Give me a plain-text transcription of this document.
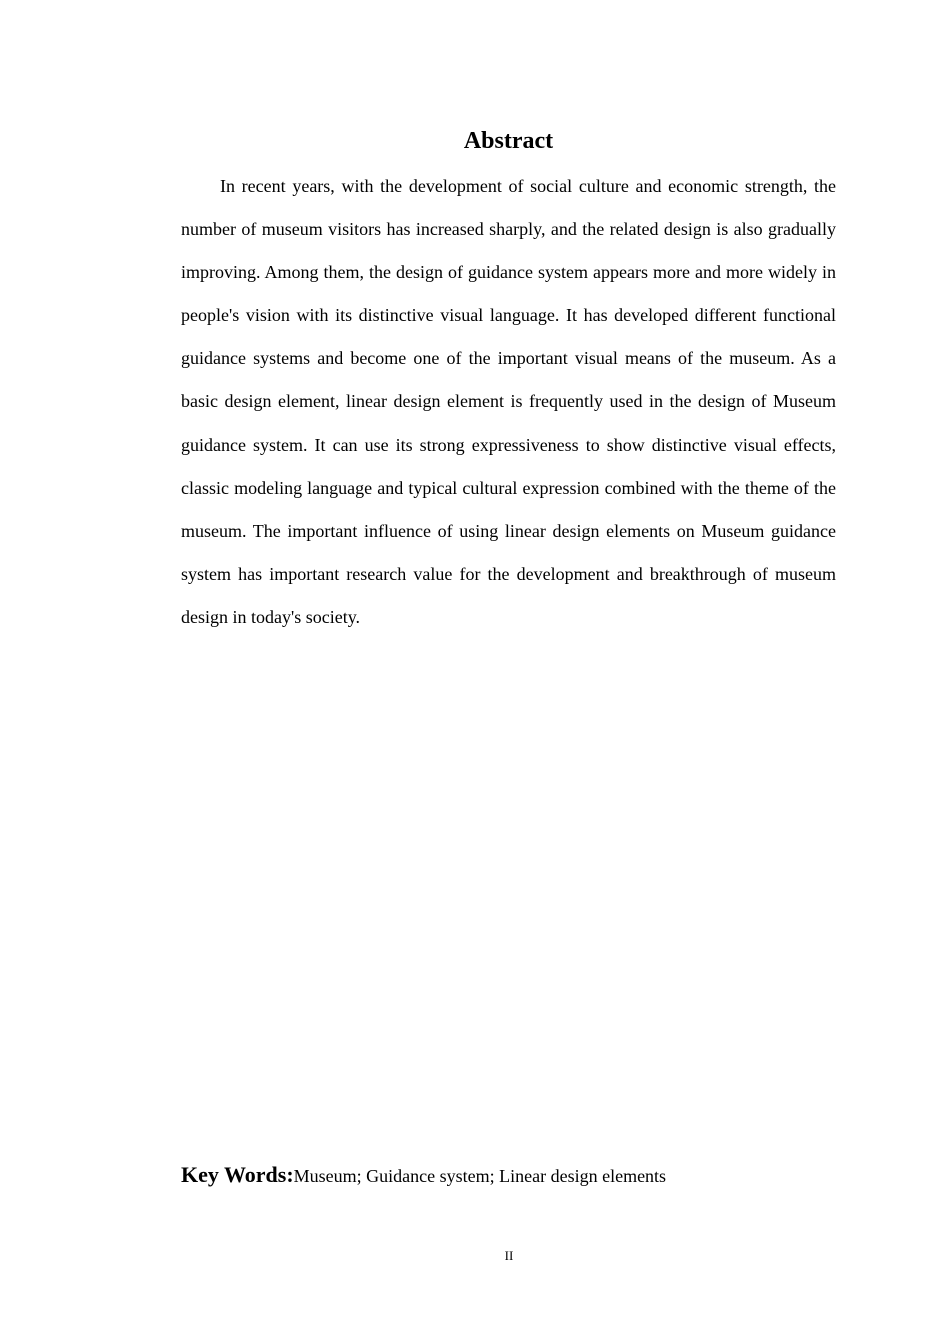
Abstract

In recent years, with the development of social culture and economic strength, the number of museum visitors has increased sharply, and the related design is also gradually improving. Among them, the design of guidance system appears more and more widely in people's vision with its distinctive visual language. It has developed different functional guidance systems and become one of the important visual means of the museum. As a basic design element, linear design element is frequently used in the design of Museum guidance system. It can use its strong expressiveness to show distinctive visual effects, classic modeling language and typical cultural expression combined with the theme of the museum. The important influence of using linear design elements on Museum guidance system has important research value for the development and breakthrough of museum design in today's society.

Key Words:Museum; Guidance system; Linear design elements

II
